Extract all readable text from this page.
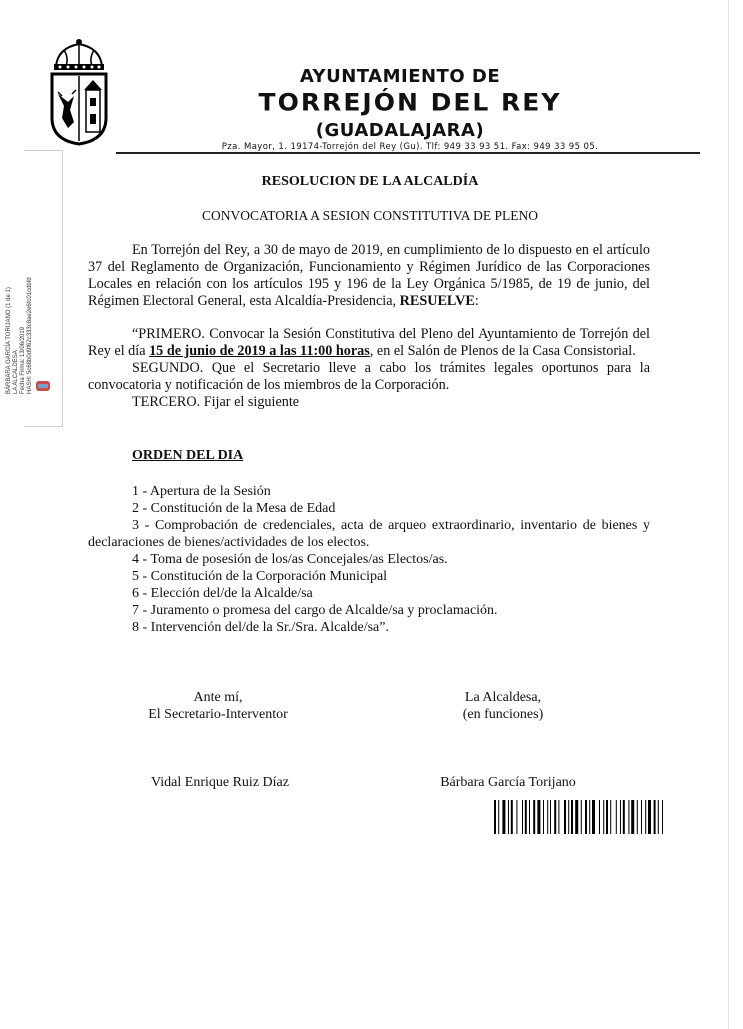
AYUNTAMIENTO DE
TORREJÓN DEL REY
(GUADALAJARA)
Pza. Mayor, 1. 19174-Torrejón del Rey (Gu). Tlf: 949 33 93 51. Fax: 949 33 95 05.
BÁRBARA GARCÍA TORIJANO (1 de 1) LA ALCALDESA Fecha Firma: 13/06/2019 HASH: 5c68b0d9f62c333c8ae2e6fc01cdbfd
RESOLUCION DE LA ALCALDÍA
CONVOCATORIA A SESION CONSTITUTIVA DE PLENO
En Torrejón del Rey, a 30 de mayo de 2019, en cumplimiento de lo dispuesto en el artículo 37 del Reglamento de Organización, Funcionamiento y Régimen Jurídico de las Corporaciones Locales en relación con los artículos 195 y 196 de la Ley Orgánica 5/1985, de 19 de junio, del Régimen Electoral General, esta Alcaldía-Presidencia, RESUELVE:
“PRIMERO. Convocar la Sesión Constitutiva del Pleno del Ayuntamiento de Torrejón del Rey el día 15 de junio de 2019 a las 11:00 horas, en el Salón de Plenos de la Casa Consistorial.
SEGUNDO. Que el Secretario lleve a cabo los trámites legales oportunos para la convocatoria y notificación de los miembros de la Corporación.
TERCERO. Fijar el siguiente
ORDEN DEL DIA
1 - Apertura de la Sesión
2 - Constitución de la Mesa de Edad
3 - Comprobación de credenciales, acta de arqueo extraordinario, inventario de bienes y declaraciones de bienes/actividades de los electos.
4 - Toma de posesión de los/as Concejales/as Electos/as.
5 - Constitución de la Corporación Municipal
6 - Elección del/de la Alcalde/sa
7 - Juramento o promesa del cargo de Alcalde/sa y proclamación.
8 - Intervención del/de la Sr./Sra. Alcalde/sa”.
Ante mí,
El Secretario-Interventor
La Alcaldesa,
(en funciones)
Vidal Enrique Ruiz Díaz	Bárbara García Torijano
